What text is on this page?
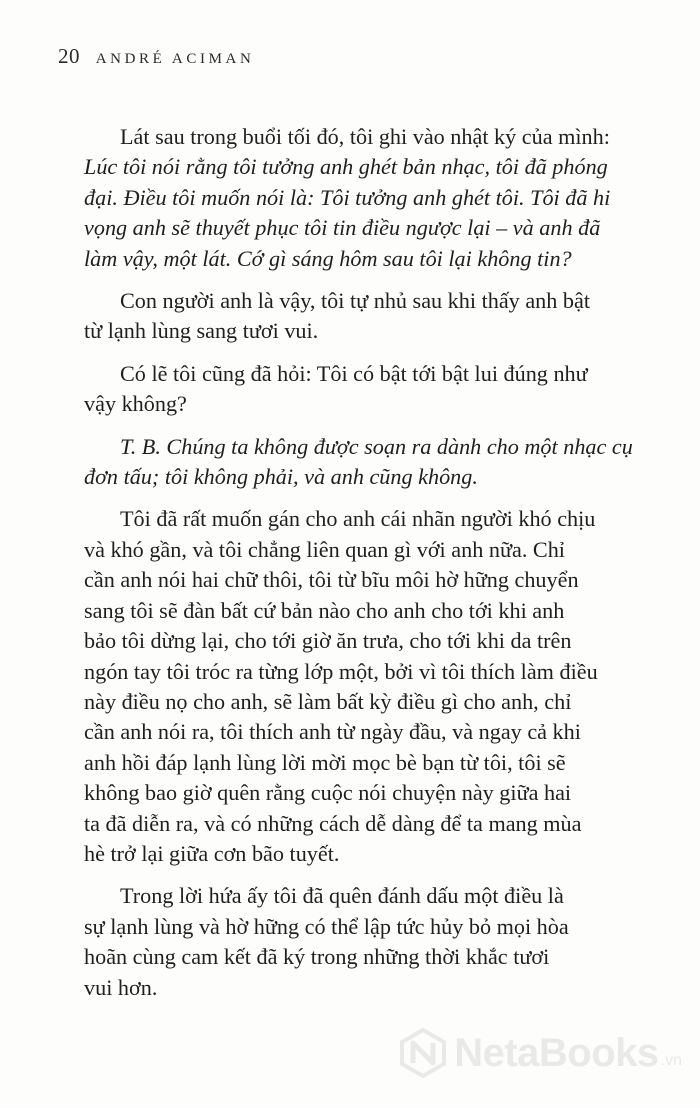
20 ANDRÉ ACIMAN

Lát sau trong buổi tối đó, tôi ghi vào nhật ký của mình:
Lúc tôi nói rằng tôi tưởng anh ghét bản nhạc, tôi đã phóng
đại. Điều tôi muốn nói là: Tôi tưởng anh ghét tôi. Tôi đã hi
vọng anh sẽ thuyết phục tôi tin điều ngược lại – và anh đã
làm vậy, một lát. Cớ gì sáng hôm sau tôi lại không tin?

Con người anh là vậy, tôi tự nhủ sau khi thấy anh bật
từ lạnh lùng sang tươi vui.

Có lẽ tôi cũng đã hỏi: Tôi có bật tới bật lui đúng như
vậy không?

T. B. Chúng ta không được soạn ra dành cho một nhạc cụ
đơn tấu; tôi không phải, và anh cũng không.

Tôi đã rất muốn gán cho anh cái nhãn người khó chịu
và khó gần, và tôi chẳng liên quan gì với anh nữa. Chỉ
cần anh nói hai chữ thôi, tôi từ bĩu môi hờ hững chuyển
sang tôi sẽ đàn bất cứ bản nào cho anh cho tới khi anh
bảo tôi dừng lại, cho tới giờ ăn trưa, cho tới khi da trên
ngón tay tôi tróc ra từng lớp một, bởi vì tôi thích làm điều
này điều nọ cho anh, sẽ làm bất kỳ điều gì cho anh, chỉ
cần anh nói ra, tôi thích anh từ ngày đầu, và ngay cả khi
anh hồi đáp lạnh lùng lời mời mọc bè bạn từ tôi, tôi sẽ
không bao giờ quên rằng cuộc nói chuyện này giữa hai
ta đã diễn ra, và có những cách dễ dàng để ta mang mùa
hè trở lại giữa cơn bão tuyết.

Trong lời hứa ấy tôi đã quên đánh dấu một điều là
sự lạnh lùng và hờ hững có thể lập tức hủy bỏ mọi hòa
hoãn cùng cam kết đã ký trong những thời khắc tươi
vui hơn.

NetaBooks .vn
